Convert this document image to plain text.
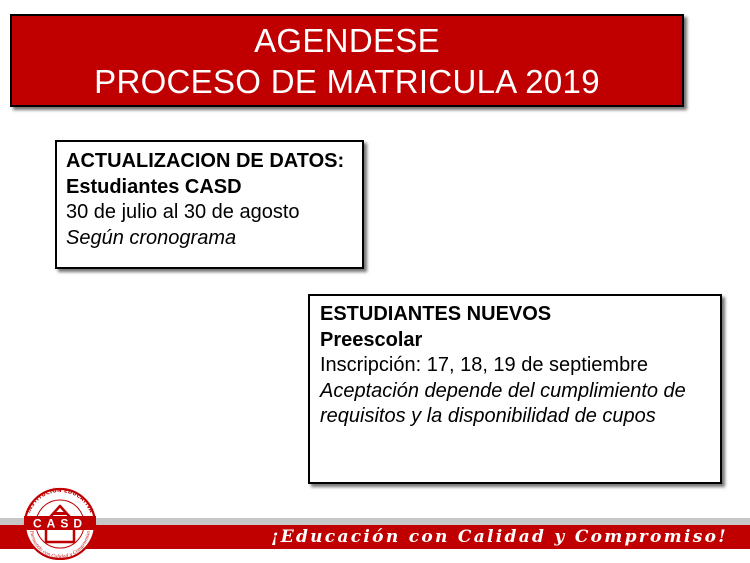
AGENDESE
PROCESO DE MATRICULA 2019
ACTUALIZACION DE DATOS:
Estudiantes CASD
30 de julio al 30 de agosto
Según cronograma
ESTUDIANTES NUEVOS
Preescolar
Inscripción: 17, 18, 19 de septiembre
Aceptación depende del cumplimiento de requisitos y la disponibilidad de cupos
¡Educación con Calidad y Compromiso!
INSTITUCIÓN EDUCATIVA
Formando con Calidad y Compromiso
CASD
